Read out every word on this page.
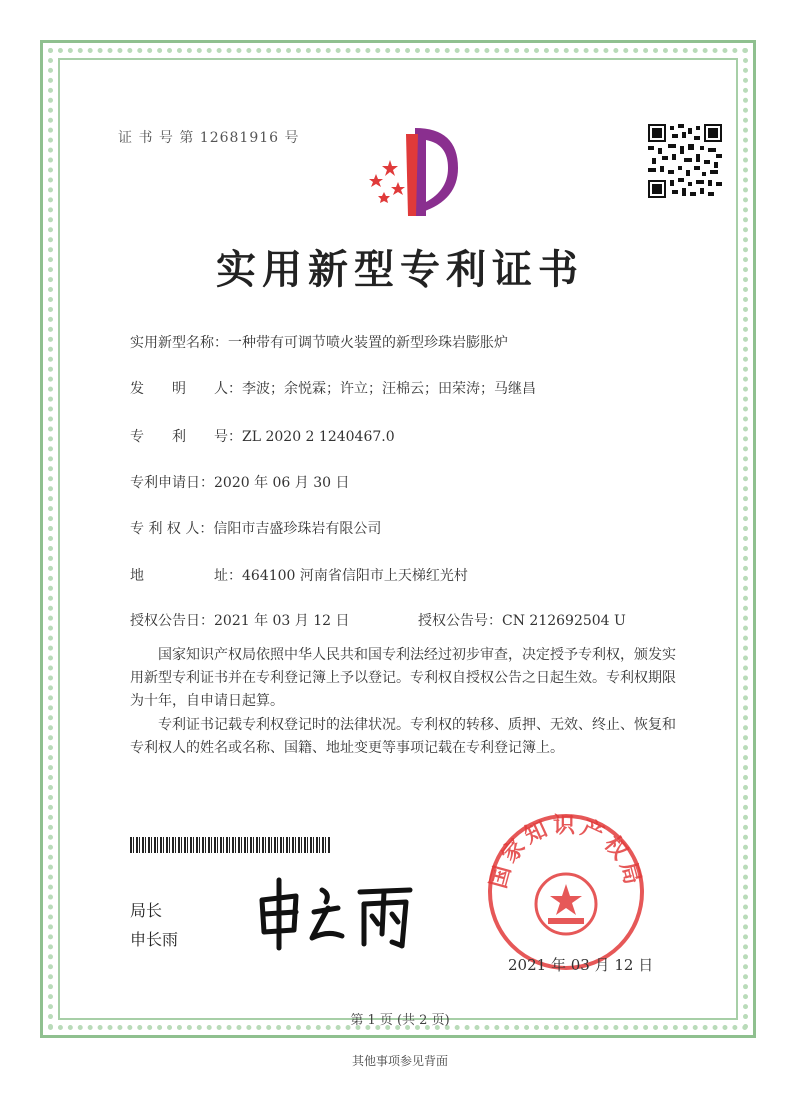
证 书 号 第 12681916 号
实用新型专利证书
实用新型名称：一种带有可调节喷火装置的新型珍珠岩膨胀炉
发　　明　　人：李波；余悦霖；许立；汪棉云；田荣涛；马继昌
专　　利　　号：ZL 2020 2 1240467.0
专利申请日：2020 年 06 月 30 日
专 利 权 人：信阳市吉盛珍珠岩有限公司
地　　　　　址：464100 河南省信阳市上天梯红光村
授权公告日：2021 年 03 月 12 日	授权公告号：CN 212692504 U
国家知识产权局依照中华人民共和国专利法经过初步审查，决定授予专利权，颁发实用新型专利证书并在专利登记簿上予以登记。专利权自授权公告之日起生效。专利权期限为十年，自申请日起算。
专利证书记载专利权登记时的法律状况。专利权的转移、质押、无效、终止、恢复和专利权人的姓名或名称、国籍、地址变更等事项记载在专利登记簿上。
局长
申长雨
国家知识产权局
2021 年 03 月 12 日
第 1 页 (共 2 页)
其他事项参见背面
